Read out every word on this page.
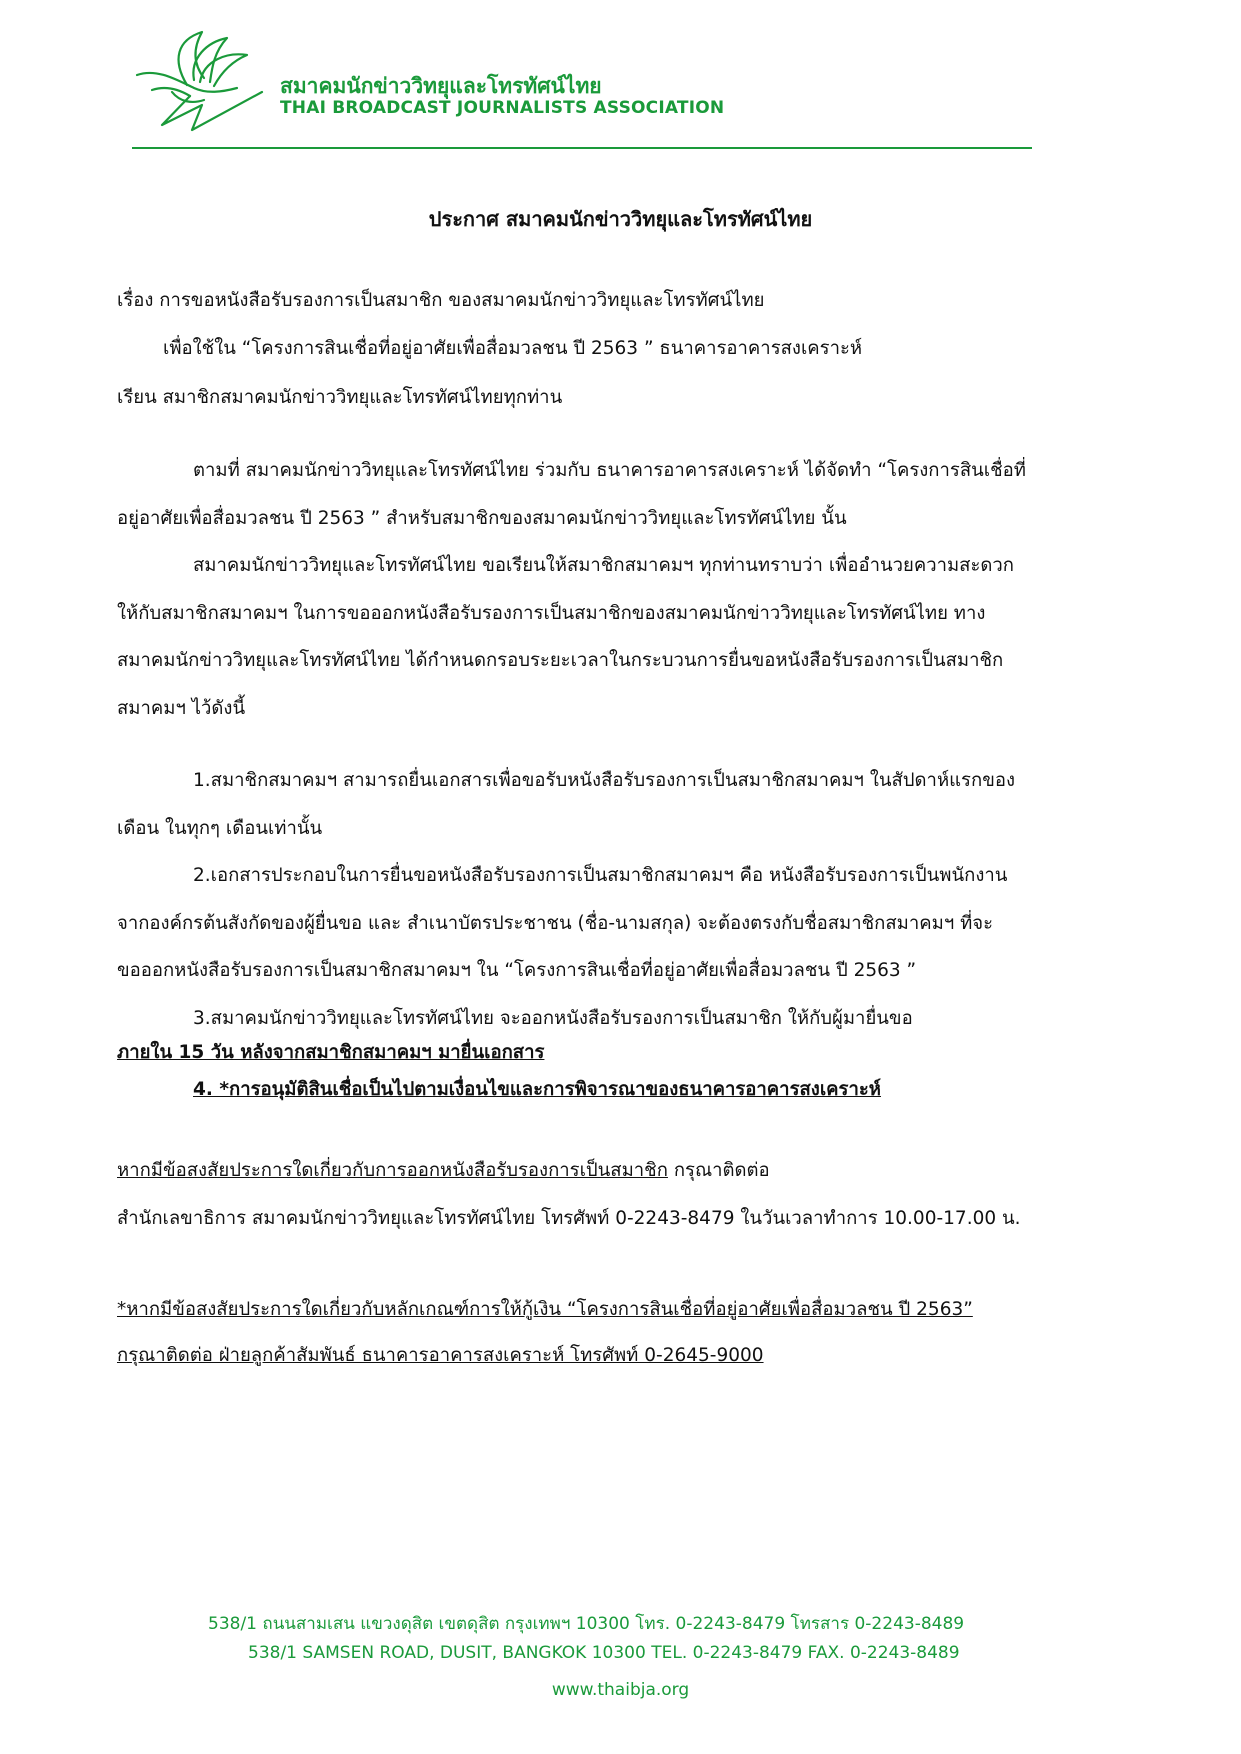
สมาคมนักข่าววิทยุและโทรทัศน์ไทย
THAI BROADCAST JOURNALISTS ASSOCIATION
ประกาศ สมาคมนักข่าววิทยุและโทรทัศน์ไทย
เรื่อง การขอหนังสือรับรองการเป็นสมาชิก ของสมาคมนักข่าววิทยุและโทรทัศน์ไทย
เพื่อใช้ใน “โครงการสินเชื่อที่อยู่อาศัยเพื่อสื่อมวลชน ปี 2563 ” ธนาคารอาคารสงเคราะห์
เรียน สมาชิกสมาคมนักข่าววิทยุและโทรทัศน์ไทยทุกท่าน
ตามที่ สมาคมนักข่าววิทยุและโทรทัศน์ไทย ร่วมกับ ธนาคารอาคารสงเคราะห์ ได้จัดทำ “โครงการสินเชื่อที่
อยู่อาศัยเพื่อสื่อมวลชน ปี 2563 ” สำหรับสมาชิกของสมาคมนักข่าววิทยุและโทรทัศน์ไทย นั้น
สมาคมนักข่าววิทยุและโทรทัศน์ไทย ขอเรียนให้สมาชิกสมาคมฯ ทุกท่านทราบว่า เพื่ออำนวยความสะดวก
ให้กับสมาชิกสมาคมฯ ในการขอออกหนังสือรับรองการเป็นสมาชิกของสมาคมนักข่าววิทยุและโทรทัศน์ไทย ทาง
สมาคมนักข่าววิทยุและโทรทัศน์ไทย ได้กำหนดกรอบระยะเวลาในกระบวนการยื่นขอหนังสือรับรองการเป็นสมาชิก
สมาคมฯ ไว้ดังนี้
1.สมาชิกสมาคมฯ สามารถยื่นเอกสารเพื่อขอรับหนังสือรับรองการเป็นสมาชิกสมาคมฯ ในสัปดาห์แรกของ
เดือน ในทุกๆ เดือนเท่านั้น
2.เอกสารประกอบในการยื่นขอหนังสือรับรองการเป็นสมาชิกสมาคมฯ คือ หนังสือรับรองการเป็นพนักงาน
จากองค์กรต้นสังกัดของผู้ยื่นขอ และ สำเนาบัตรประชาชน (ชื่อ-นามสกุล) จะต้องตรงกับชื่อสมาชิกสมาคมฯ ที่จะ
ขอออกหนังสือรับรองการเป็นสมาชิกสมาคมฯ ใน “โครงการสินเชื่อที่อยู่อาศัยเพื่อสื่อมวลชน ปี 2563 ”
3.สมาคมนักข่าววิทยุและโทรทัศน์ไทย จะออกหนังสือรับรองการเป็นสมาชิก ให้กับผู้มายื่นขอ
ภายใน 15 วัน หลังจากสมาชิกสมาคมฯ มายื่นเอกสาร
4. *การอนุมัติสินเชื่อเป็นไปตามเงื่อนไขและการพิจารณาของธนาคารอาคารสงเคราะห์
หากมีข้อสงสัยประการใดเกี่ยวกับการออกหนังสือรับรองการเป็นสมาชิก กรุณาติดต่อ
สำนักเลขาธิการ สมาคมนักข่าววิทยุและโทรทัศน์ไทย โทรศัพท์ 0-2243-8479 ในวันเวลาทำการ 10.00-17.00 น.
*หากมีข้อสงสัยประการใดเกี่ยวกับหลักเกณฑ์การให้กู้เงิน “โครงการสินเชื่อที่อยู่อาศัยเพื่อสื่อมวลชน ปี 2563”
กรุณาติดต่อ ฝ่ายลูกค้าสัมพันธ์ ธนาคารอาคารสงเคราะห์ โทรศัพท์ 0-2645-9000
538/1 ถนนสามเสน แขวงดุสิต เขตดุสิต กรุงเทพฯ 10300 โทร. 0-2243-8479 โทรสาร 0-2243-8489
538/1 SAMSEN ROAD, DUSIT, BANGKOK 10300 TEL. 0-2243-8479 FAX. 0-2243-8489
www.thaibja.org
